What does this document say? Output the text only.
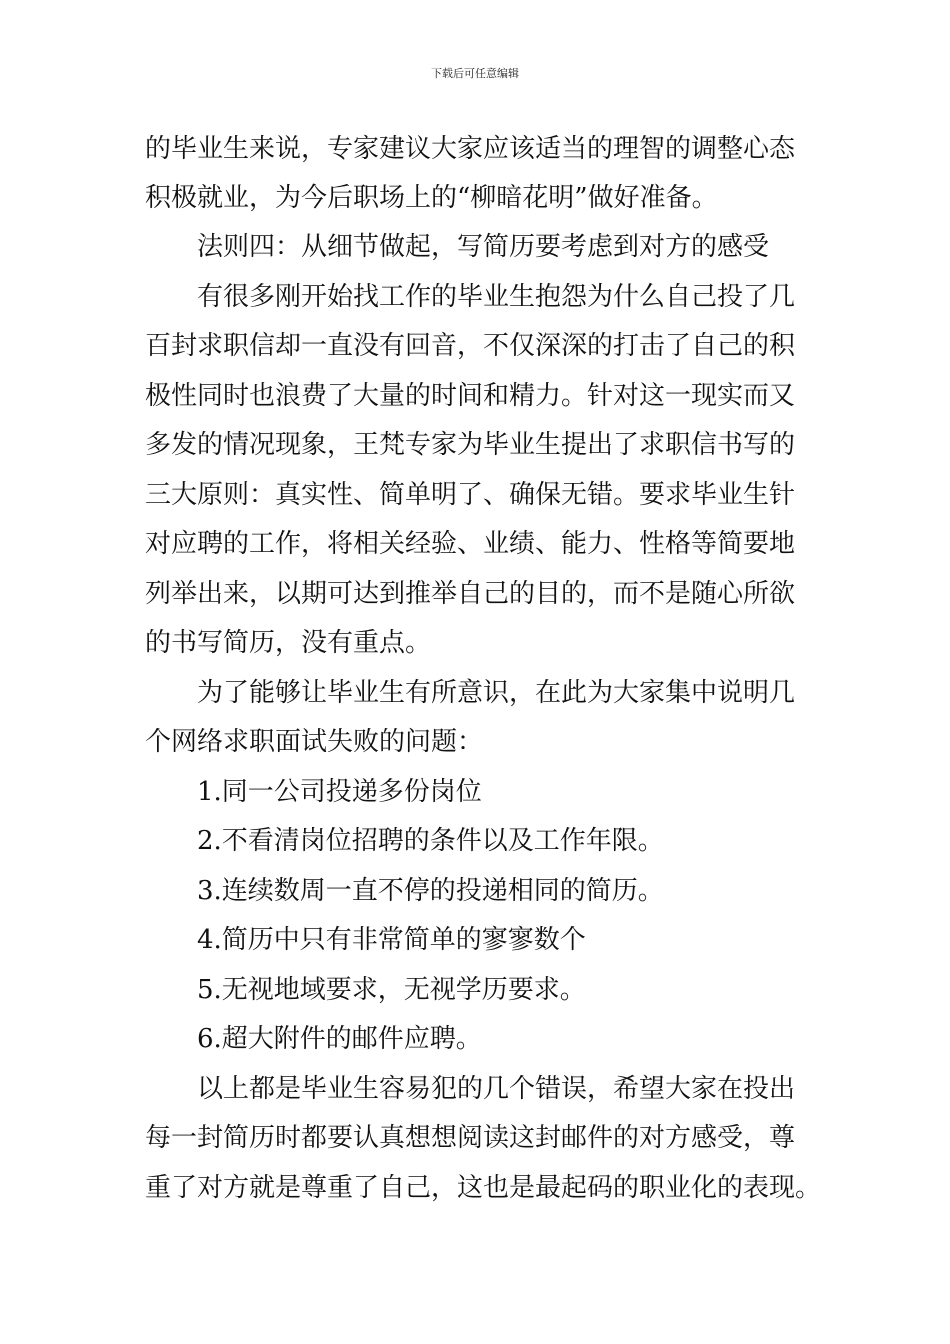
下载后可任意编辑
的毕业生来说，专家建议大家应该适当的理智的调整心态
积极就业，为今后职场上的“柳暗花明”做好准备。
法则四：从细节做起，写简历要考虑到对方的感受
有很多刚开始找工作的毕业生抱怨为什么自己投了几
百封求职信却一直没有回音，不仅深深的打击了自己的积
极性同时也浪费了大量的时间和精力。针对这一现实而又
多发的情况现象，王梵专家为毕业生提出了求职信书写的
三大原则：真实性、简单明了、确保无错。要求毕业生针
对应聘的工作，将相关经验、业绩、能力、性格等简要地
列举出来，以期可达到推举自己的目的，而不是随心所欲
的书写简历，没有重点。
为了能够让毕业生有所意识，在此为大家集中说明几
个网络求职面试失败的问题：
1.同一公司投递多份岗位
2.不看清岗位招聘的条件以及工作年限。
3.连续数周一直不停的投递相同的简历。
4.简历中只有非常简单的寥寥数个
5.无视地域要求，无视学历要求。
6.超大附件的邮件应聘。
以上都是毕业生容易犯的几个错误，希望大家在投出
每一封简历时都要认真想想阅读这封邮件的对方感受，尊
重了对方就是尊重了自己，这也是最起码的职业化的表现。
